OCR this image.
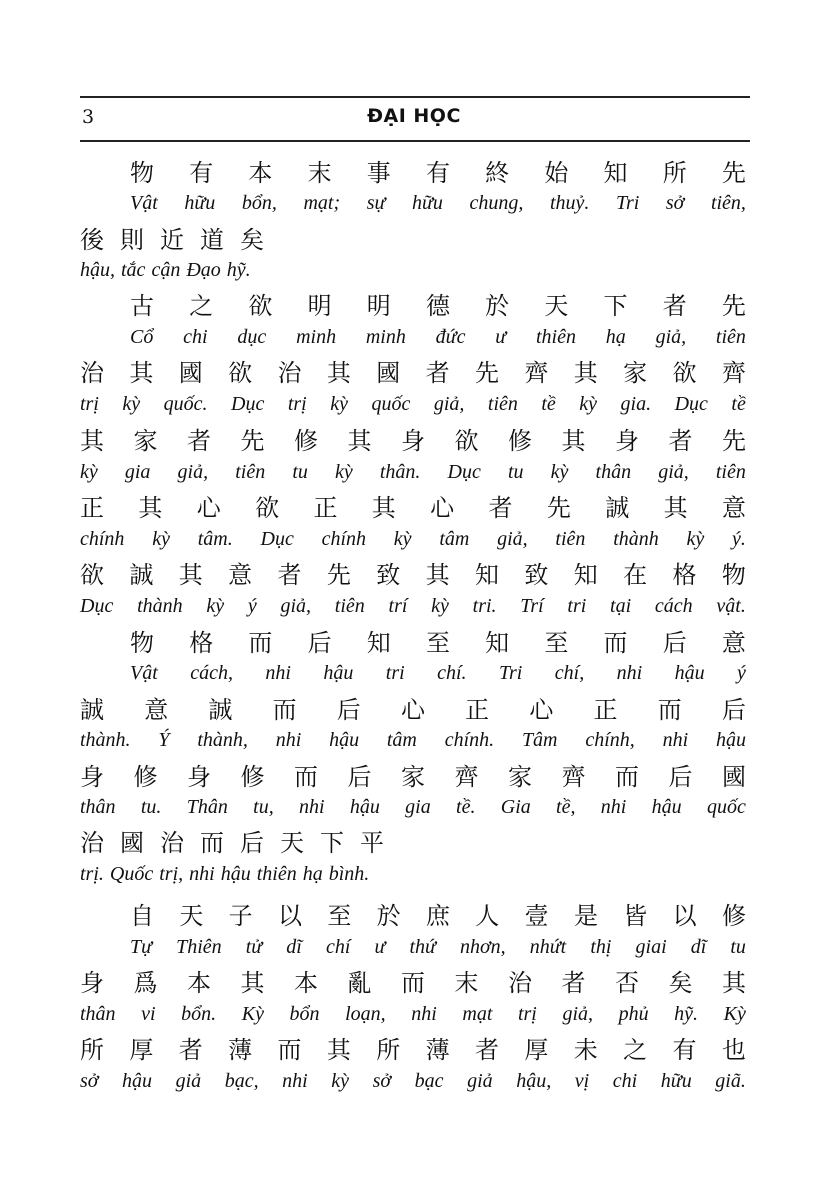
3	ĐẠI HỌC
物 有 本 末 事 有 終 始 知 所 先
Vật hữu bổn, mạt; sự hữu chung, thuỷ. Tri sở tiên,
後 則 近 道 矣
hậu, tắc cận Đạo hỹ.
古 之 欲 明 明 德 於 天 下 者 先
Cổ chi dục minh minh đức ư thiên hạ giả, tiên
治 其 國 欲 治 其 國 者 先 齊 其 家 欲 齊
trị kỳ quốc. Dục trị kỳ quốc giả, tiên tề kỳ gia. Dục tề
其 家 者 先 修 其 身 欲 修 其 身 者 先
kỳ gia giả, tiên tu kỳ thân. Dục tu kỳ thân giả, tiên
正 其 心 欲 正 其 心 者 先 誠 其 意
chính kỳ tâm. Dục chính kỳ tâm giả, tiên thành kỳ ý.
欲 誠 其 意 者 先 致 其 知 致 知 在 格 物
Dục thành kỳ ý giả, tiên trí kỳ tri. Trí tri tại cách vật.
物 格 而 后 知 至 知 至 而 后 意
Vật cách, nhi hậu tri chí. Tri chí, nhi hậu ý
誠 意 誠 而 后 心 正 心 正 而 后
thành. Ý thành, nhi hậu tâm chính. Tâm chính, nhi hậu
身 修 身 修 而 后 家 齊 家 齊 而 后 國
thân tu. Thân tu, nhi hậu gia tề. Gia tề, nhi hậu quốc
治 國 治 而 后 天 下 平
trị. Quốc trị, nhi hậu thiên hạ bình.
自 天 子 以 至 於 庶 人 壹 是 皆 以 修
Tự Thiên tử dĩ chí ư thứ nhơn, nhứt thị giai dĩ tu
身 爲 本 其 本 亂 而 末 治 者 否 矣 其
thân vi bổn. Kỳ bổn loạn, nhi mạt trị giả, phủ hỹ. Kỳ
所 厚 者 薄 而 其 所 薄 者 厚 未 之 有 也
sở hậu giả bạc, nhi kỳ sở bạc giả hậu, vị chi hữu giã.
